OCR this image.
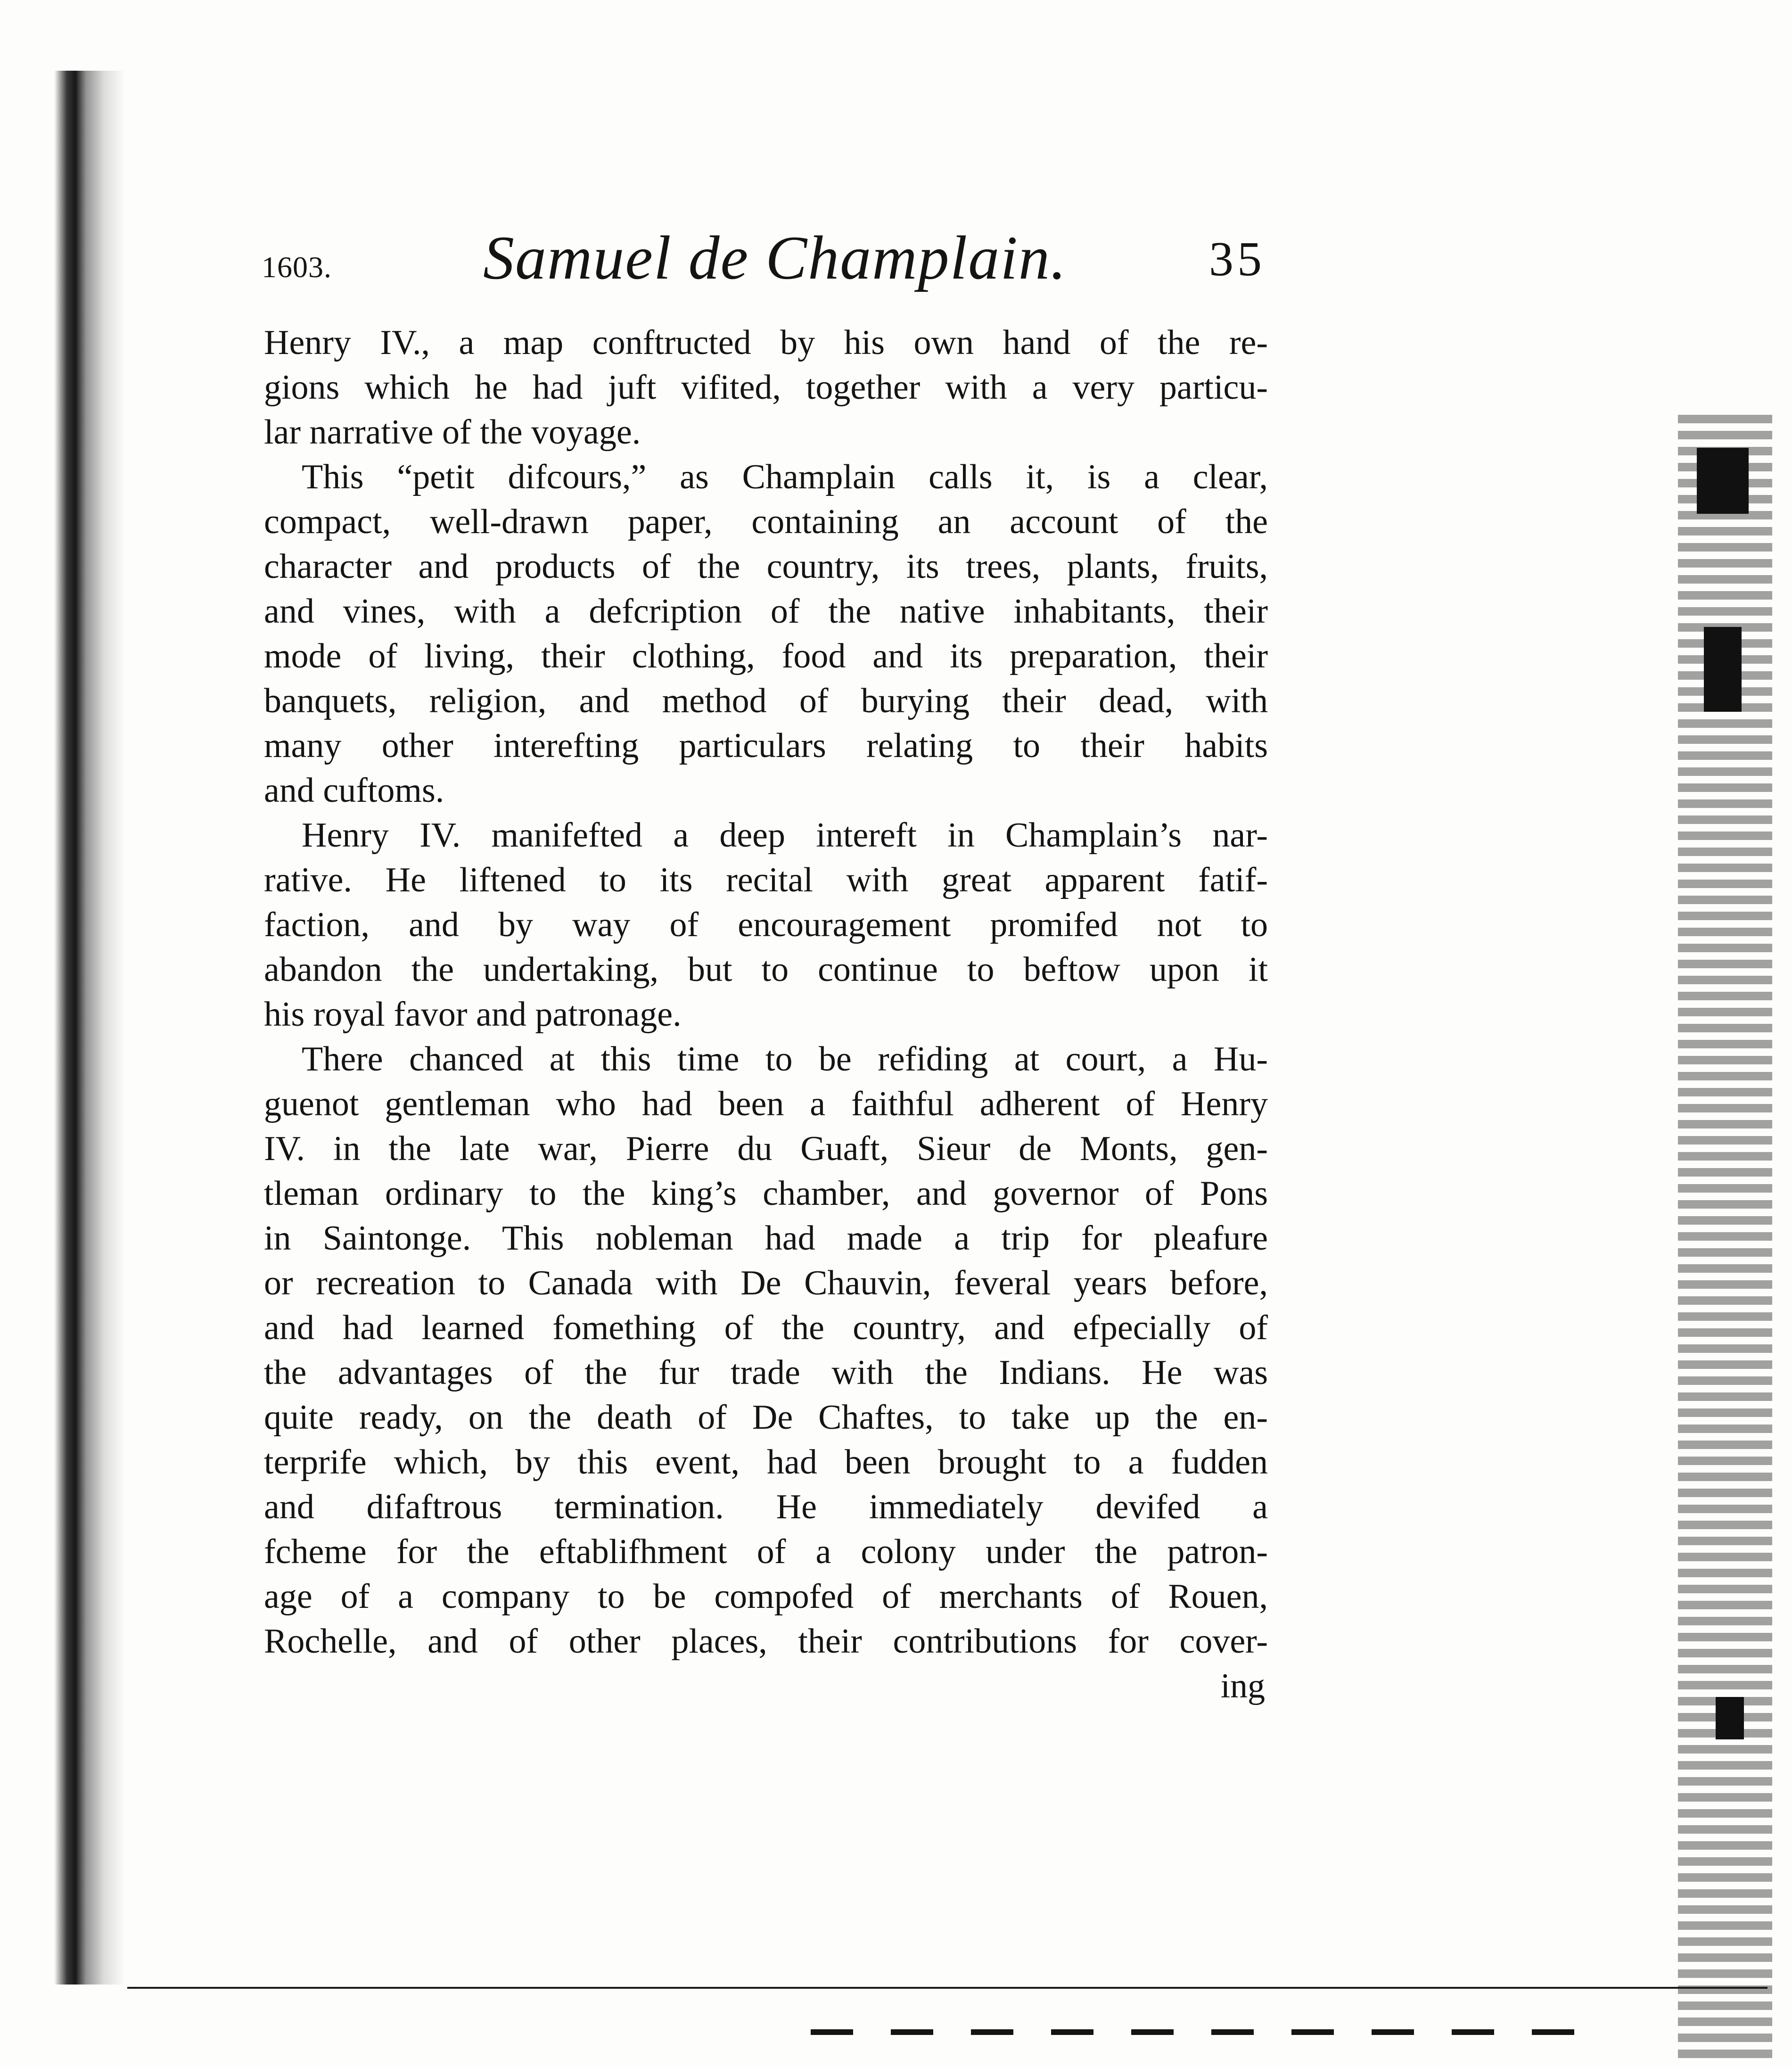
1603. Samuel de Champlain.	35

Henry IV., a map conftructed by his own hand of the re-
gions which he had juft vifited, together with a very particu-
lar narrative of the voyage.

This “petit difcours,” as Champlain calls it, is a clear,
compact, well-drawn paper, containing an account of the
character and products of the country, its trees, plants, fruits,
and vines, with a defcription of the native inhabitants, their
mode of living, their clothing, food and its preparation, their
banquets, religion, and method of burying their dead, with
many other interefting particulars relating to their habits
and cuftoms.

Henry IV. manifefted a deep intereft in Champlain’s nar-
rative. He liftened to its recital with great apparent fatif-
faction, and by way of encouragement promifed not to
abandon the undertaking, but to continue to beftow upon it
his royal favor and patronage.

There chanced at this time to be refiding at court, a Hu-
guenot gentleman who had been a faithful adherent of Henry
IV. in the late war, Pierre du Guaft, Sieur de Monts, gen-
tleman ordinary to the king’s chamber, and governor of Pons
in Saintonge. This nobleman had made a trip for pleafure
or recreation to Canada with De Chauvin, feveral years before,
and had learned fomething of the country, and efpecially of
the advantages of the fur trade with the Indians. He was
quite ready, on the death of De Chaftes, to take up the en-
terprife which, by this event, had been brought to a fudden
and difaftrous termination. He immediately devifed a
fcheme for the eftablifhment of a colony under the patron-
age of a company to be compofed of merchants of Rouen,
Rochelle, and of other places, their contributions for cover-

ing
